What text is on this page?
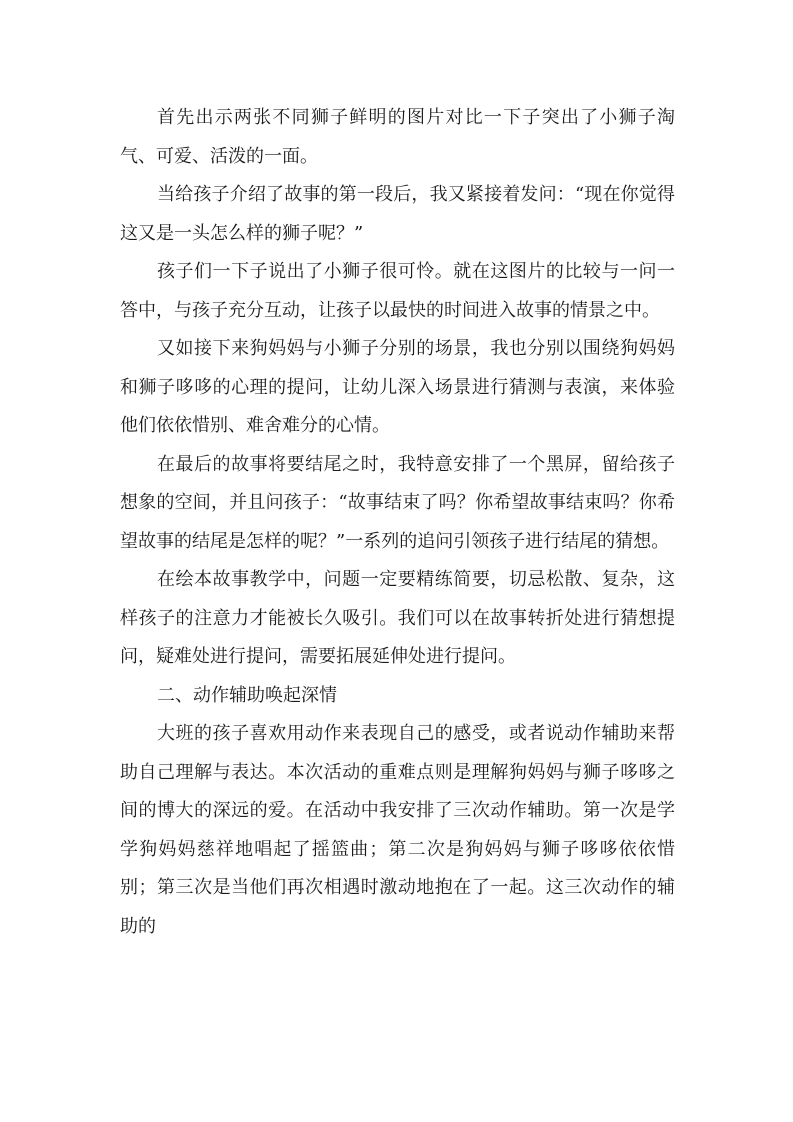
首先出示两张不同狮子鲜明的图片对比一下子突出了小狮子淘气、可爱、活泼的一面。

当给孩子介绍了故事的第一段后，我又紧接着发问：“现在你觉得这又是一头怎么样的狮子呢？”

孩子们一下子说出了小狮子很可怜。就在这图片的比较与一问一答中，与孩子充分互动，让孩子以最快的时间进入故事的情景之中。

又如接下来狗妈妈与小狮子分别的场景，我也分别以围绕狗妈妈和狮子哆哆的心理的提问，让幼儿深入场景进行猜测与表演，来体验他们依依惜别、难舍难分的心情。

在最后的故事将要结尾之时，我特意安排了一个黑屏，留给孩子想象的空间，并且问孩子：“故事结束了吗？你希望故事结束吗？你希望故事的结尾是怎样的呢？”一系列的追问引领孩子进行结尾的猜想。

在绘本故事教学中，问题一定要精练简要，切忌松散、复杂，这样孩子的注意力才能被长久吸引。我们可以在故事转折处进行猜想提问，疑难处进行提问，需要拓展延伸处进行提问。

二、动作辅助唤起深情

大班的孩子喜欢用动作来表现自己的感受，或者说动作辅助来帮助自己理解与表达。本次活动的重难点则是理解狗妈妈与狮子哆哆之间的博大的深远的爱。在活动中我安排了三次动作辅助。第一次是学学狗妈妈慈祥地唱起了摇篮曲；第二次是狗妈妈与狮子哆哆依依惜别；第三次是当他们再次相遇时激动地抱在了一起。这三次动作的辅助的
